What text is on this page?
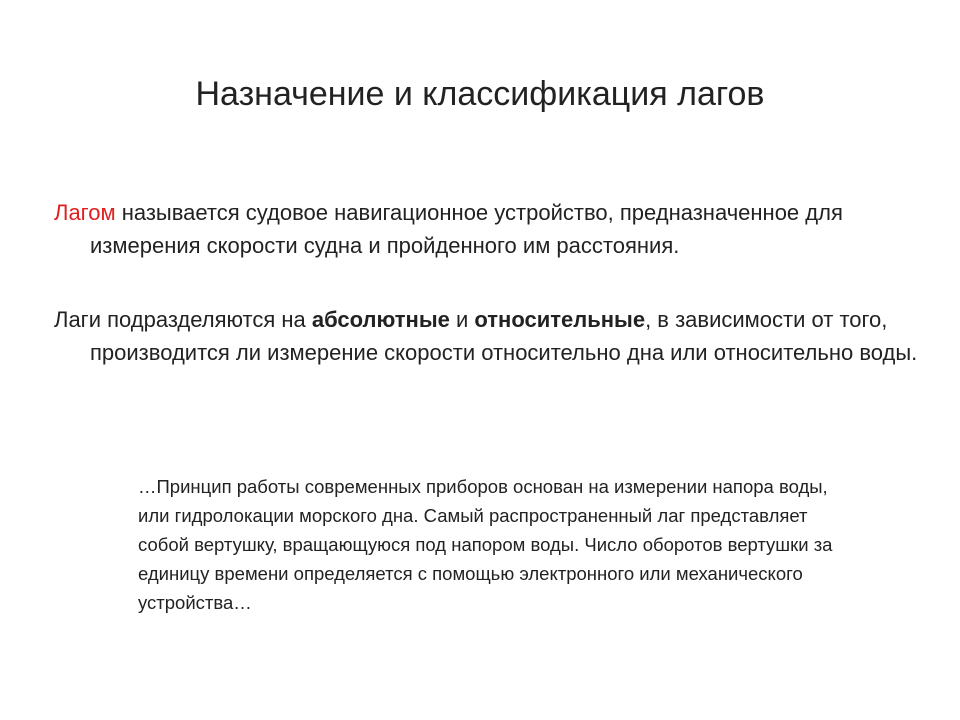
Назначение и классификация лагов

Лагом называется судовое навигационное устройство, предназначенное для измерения скорости судна и пройденного им расстояния.

Лаги подразделяются на абсолютные и относительные, в зависимости от того, производится ли измерение скорости относительно дна или относительно воды.

…Принцип работы современных приборов основан на измерении напора воды, или гидролокации морского дна. Самый распространенный лаг представляет собой вертушку, вращающуюся под напором воды. Число оборотов вертушки за единицу времени определяется с помощью электронного или механического устройства…
